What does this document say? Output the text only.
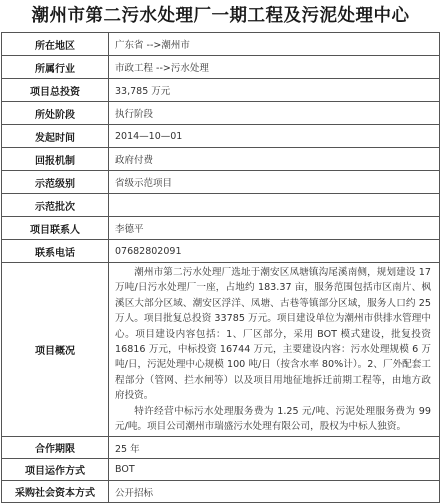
潮州市第二污水处理厂一期工程及污泥处理中心
所在地区	广东省 -->潮州市
所属行业	市政工程 -->污水处理
项目总投资	33,785 万元
所处阶段	执行阶段
发起时间	2014—10—01
回报机制	政府付费
示范级别	省级示范项目
示范批次	
项目联系人	李德平
联系电话	07682802091
项目概况	潮州市第二污水处理厂选址于潮安区凤塘镇沟尾溪南侧，规划建设 17 万吨/日污水处理厂一座，占地约 183.37 亩，服务范围包括市区南片、枫溪区大部分区域、潮安区浮洋、凤塘、古巷等镇部分区域，服务人口约 25 万人。项目批复总投资 33785 万元。项目建设单位为潮州市供排水管理中心。项目建设内容包括：1、厂区部分，采用 BOT 模式建设，批复投资 16816 万元，中标投资 16744 万元，主要建设内容：污水处理规模 6 万吨/日，污泥处理中心规模 100 吨/日（按含水率 80%计）。2、厂外配套工程部分（管网、拦水闸等）以及项目用地征地拆迁前期工程等，由地方政府投资。

特许经营中标污水处理服务费为 1.25 元/吨、污泥处理服务费为 99 元/吨。项目公司潮州市瑞盛污水处理有限公司，股权为中标人独资。

合作期限	25 年
项目运作方式	BOT
采购社会资本方式	公开招标
